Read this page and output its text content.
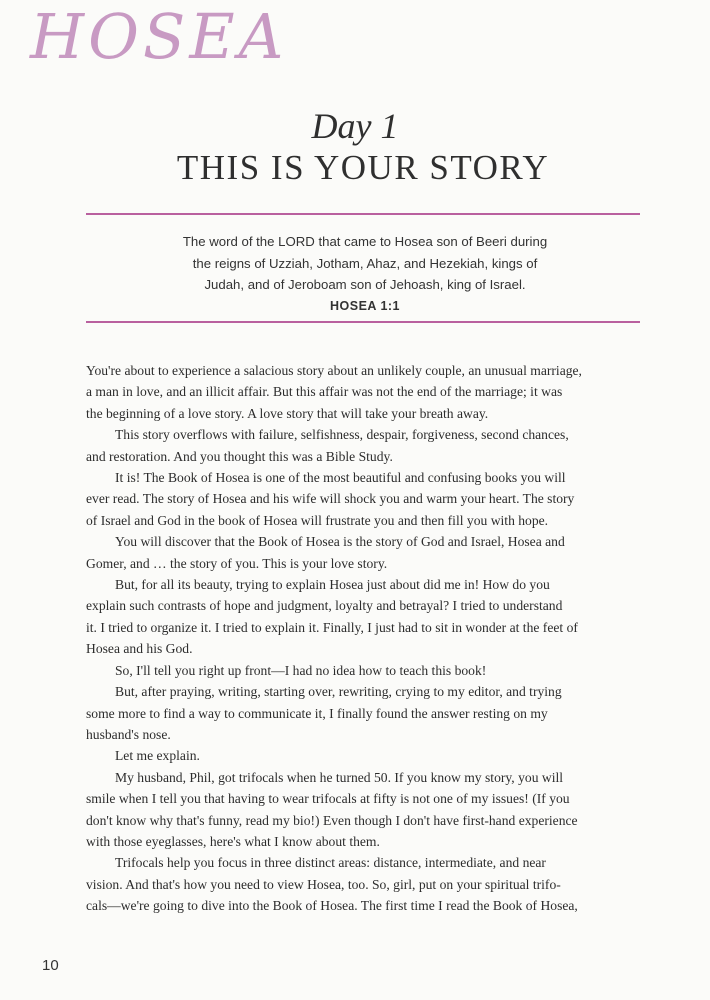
HOSEA
Day 1
THIS IS YOUR STORY
The word of the LORD that came to Hosea son of Beeri during
the reigns of Uzziah, Jotham, Ahaz, and Hezekiah, kings of
Judah, and of Jeroboam son of Jehoash, king of Israel.
HOSEA 1:1
You're about to experience a salacious story about an unlikely couple, an unusual marriage,
a man in love, and an illicit affair. But this affair was not the end of the marriage; it was
the beginning of a love story. A love story that will take your breath away.
This story overflows with failure, selfishness, despair, forgiveness, second chances,
and restoration. And you thought this was a Bible Study.
It is! The Book of Hosea is one of the most beautiful and confusing books you will
ever read. The story of Hosea and his wife will shock you and warm your heart. The story
of Israel and God in the book of Hosea will frustrate you and then fill you with hope.
You will discover that the Book of Hosea is the story of God and Israel, Hosea and
Gomer, and … the story of you. This is your love story.
But, for all its beauty, trying to explain Hosea just about did me in! How do you
explain such contrasts of hope and judgment, loyalty and betrayal? I tried to understand
it. I tried to organize it. I tried to explain it. Finally, I just had to sit in wonder at the feet of
Hosea and his God.
So, I'll tell you right up front—I had no idea how to teach this book!
But, after praying, writing, starting over, rewriting, crying to my editor, and trying
some more to find a way to communicate it, I finally found the answer resting on my
husband's nose.
Let me explain.
My husband, Phil, got trifocals when he turned 50. If you know my story, you will
smile when I tell you that having to wear trifocals at fifty is not one of my issues! (If you
don't know why that's funny, read my bio!) Even though I don't have first-hand experience
with those eyeglasses, here's what I know about them.
Trifocals help you focus in three distinct areas: distance, intermediate, and near
vision. And that's how you need to view Hosea, too. So, girl, put on your spiritual trifo-
cals—we're going to dive into the Book of Hosea. The first time I read the Book of Hosea,
10
